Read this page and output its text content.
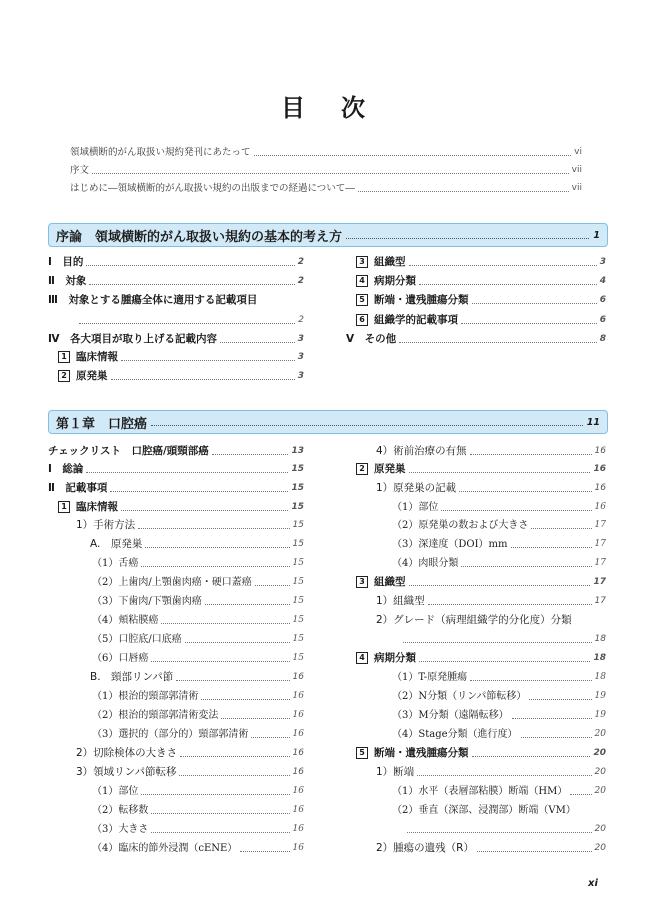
目　次
領域横断的がん取扱い規約発刊にあたって	vi
序文	vii
はじめに―領域横断的がん取扱い規約の出版までの経過について―	vii
序論　領域横断的がん取扱い規約の基本的考え方	1
Ⅰ　 目的	2
Ⅱ　 対象	2
Ⅲ　 対象とする腫瘍全体に適用する記載項目
2
Ⅳ　 各大項目が取り上げる記載内容	3
1 臨床情報	3
2 原発巣	3
3 組織型	3
4 病期分類	4
5 断端・遺残腫瘍分類	6
6 組織学的記載事項	6
Ⅴ　 その他	8
第１章　口腔癌	11
チェックリスト　口腔癌/頭頸部癌	13
Ⅰ　 総論	15
Ⅱ　 記載事項	15
1 臨床情報	15
1）手術方法	15
A.　原発巣	15
（1）舌癌	15
（2）上歯肉/上顎歯肉癌・硬口蓋癌	15
（3）下歯肉/下顎歯肉癌	15
（4）頬粘膜癌	15
（5）口腔底/口底癌	15
（6）口唇癌	15
B.　頸部リンパ節	16
（1）根治的頸部郭清術	16
（2）根治的頸部郭清術変法	16
（3）選択的（部分的）頸部郭清術	16
2）切除検体の大きさ	16
3）領域リンパ節転移	16
（1）部位	16
（2）転移数	16
（3）大きさ	16
（4）臨床的節外浸潤（cENE）	16
4）術前治療の有無	16
2 原発巣	16
1）原発巣の記載	16
（1）部位	16
（2）原発巣の数および大きさ	17
（3）深達度（DOI）mm	17
（4）肉眼分類	17
3 組織型	17
1）組織型	17
2）グレード（病理組織学的分化度）分類
18
4 病期分類	18
（1）T-原発腫瘍	18
（2）N分類（リンパ節転移）	19
（3）M分類（遠隔転移）	19
（4）Stage分類（進行度）	20
5 断端・遺残腫瘍分類	20
1）断端	20
（1）水平（表層部粘膜）断端（HM）	20
（2）垂直（深部、浸潤部）断端（VM）
20
2）腫瘍の遺残（R）	20
xi
